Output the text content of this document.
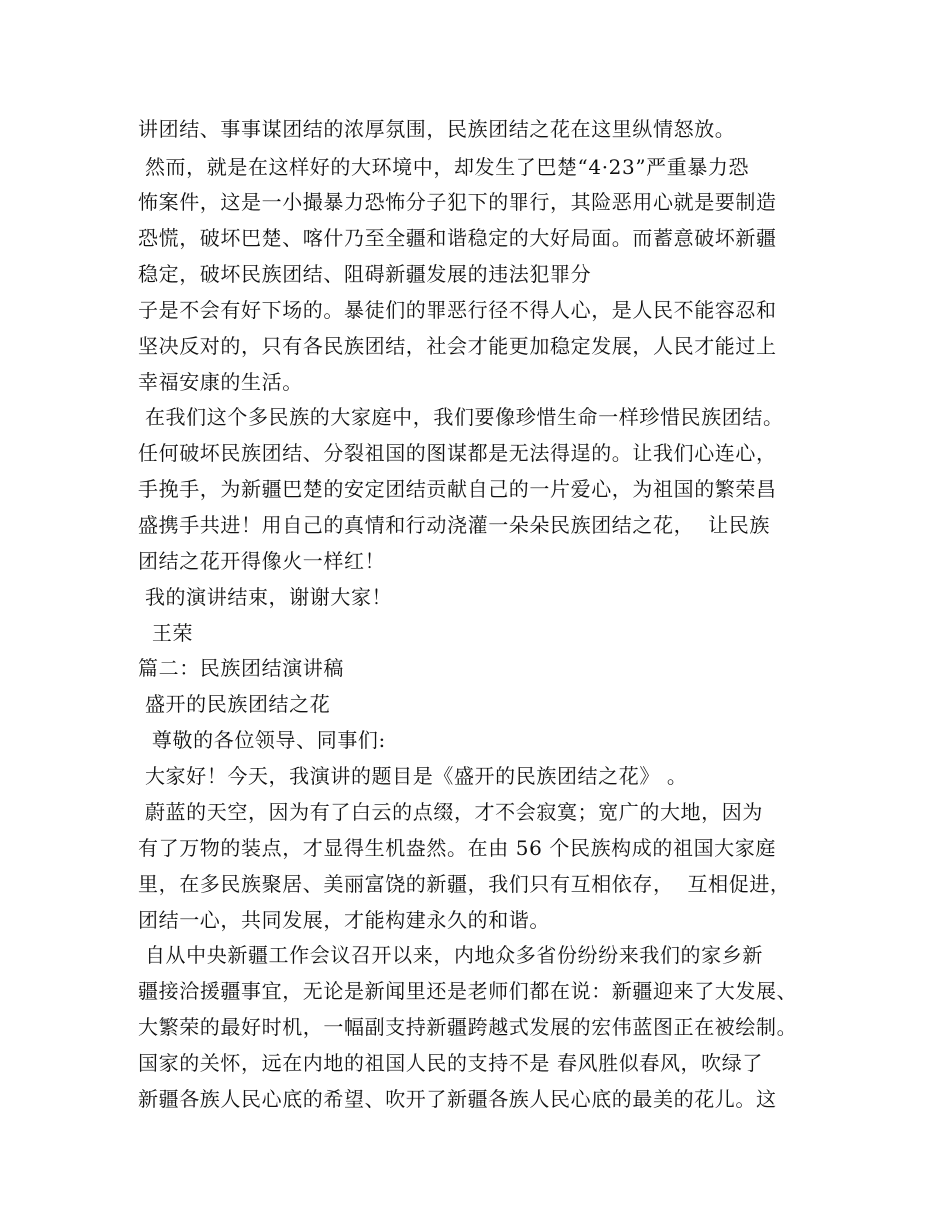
讲团结、事事谋团结的浓厚氛围，民族团结之花在这里纵情怒放。
然而，就是在这样好的大环境中，却发生了巴楚“4·23”严重暴力恐
怖案件，这是一小撮暴力恐怖分子犯下的罪行，其险恶用心就是要制造
恐慌，破坏巴楚、喀什乃至全疆和谐稳定的大好局面。而蓄意破坏新疆
稳定，破坏民族团结、阻碍新疆发展的违法犯罪分
子是不会有好下场的。暴徒们的罪恶行径不得人心，是人民不能容忍和
坚决反对的，只有各民族团结，社会才能更加稳定发展，人民才能过上
幸福安康的生活。
在我们这个多民族的大家庭中，我们要像珍惜生命一样珍惜民族团结。
任何破坏民族团结、分裂祖国的图谋都是无法得逞的。让我们心连心，
手挽手，为新疆巴楚的安定团结贡献自己的一片爱心，为祖国的繁荣昌
盛携手共进！用自己的真情和行动浇灌一朵朵民族团结之花，  让民族
团结之花开得像火一样红！
我的演讲结束，谢谢大家！
王荣
篇二：民族团结演讲稿
盛开的民族团结之花
尊敬的各位领导、同事们:
大家好！今天，我演讲的题目是《盛开的民族团结之花》 。
蔚蓝的天空，因为有了白云的点缀，才不会寂寞；宽广的大地，因为
有了万物的装点，才显得生机盎然。在由 56 个民族构成的祖国大家庭
里，在多民族聚居、美丽富饶的新疆，我们只有互相依存，  互相促进，
团结一心，共同发展，才能构建永久的和谐。
自从中央新疆工作会议召开以来，内地众多省份纷纷来我们的家乡新
疆接洽援疆事宜，无论是新闻里还是老师们都在说：新疆迎来了大发展、
大繁荣的最好时机，一幅副支持新疆跨越式发展的宏伟蓝图正在被绘制。
国家的关怀，远在内地的祖国人民的支持不是 春风胜似春风，吹绿了
新疆各族人民心底的希望、吹开了新疆各族人民心底的最美的花儿。这
